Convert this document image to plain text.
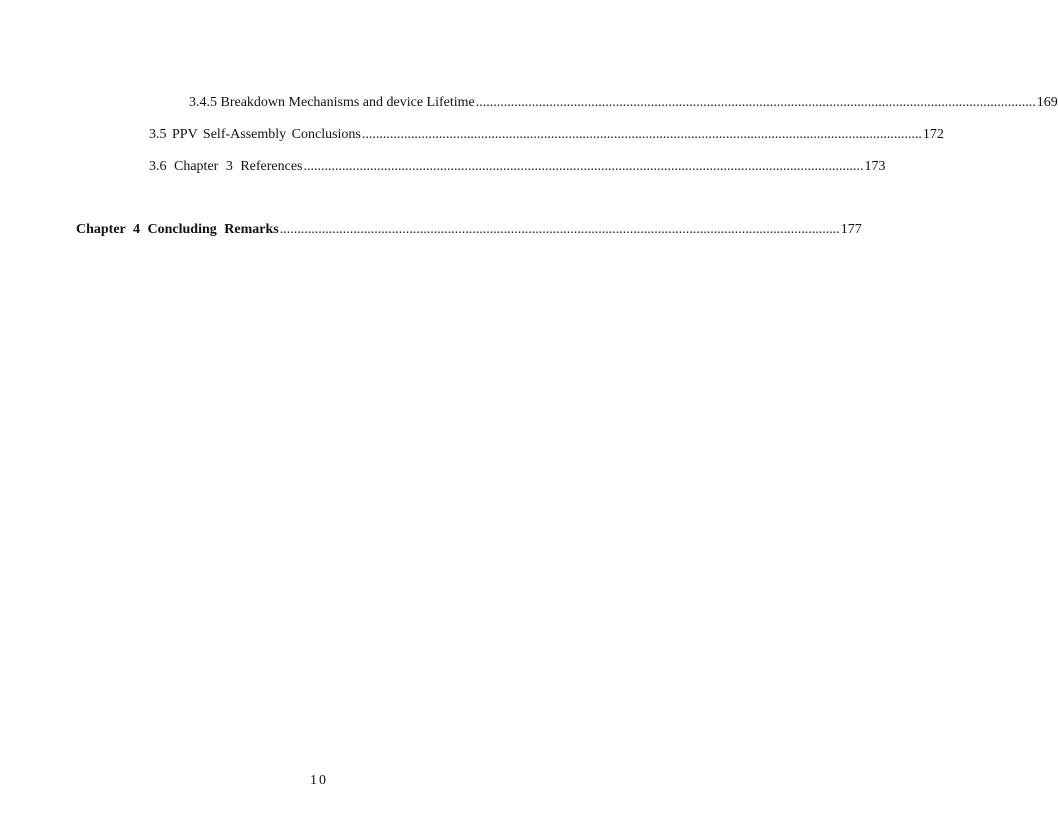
3.4.5 Breakdown Mechanisms and device Lifetime ................................................................................................................................................................ 169
3.5 PPV Self-Assembly Conclusions ................................................................................................................................................................ 172
3.6 Chapter 3 References ................................................................................................................................................................ 173
Chapter 4 Concluding Remarks ................................................................................................................................................................ 177
10
